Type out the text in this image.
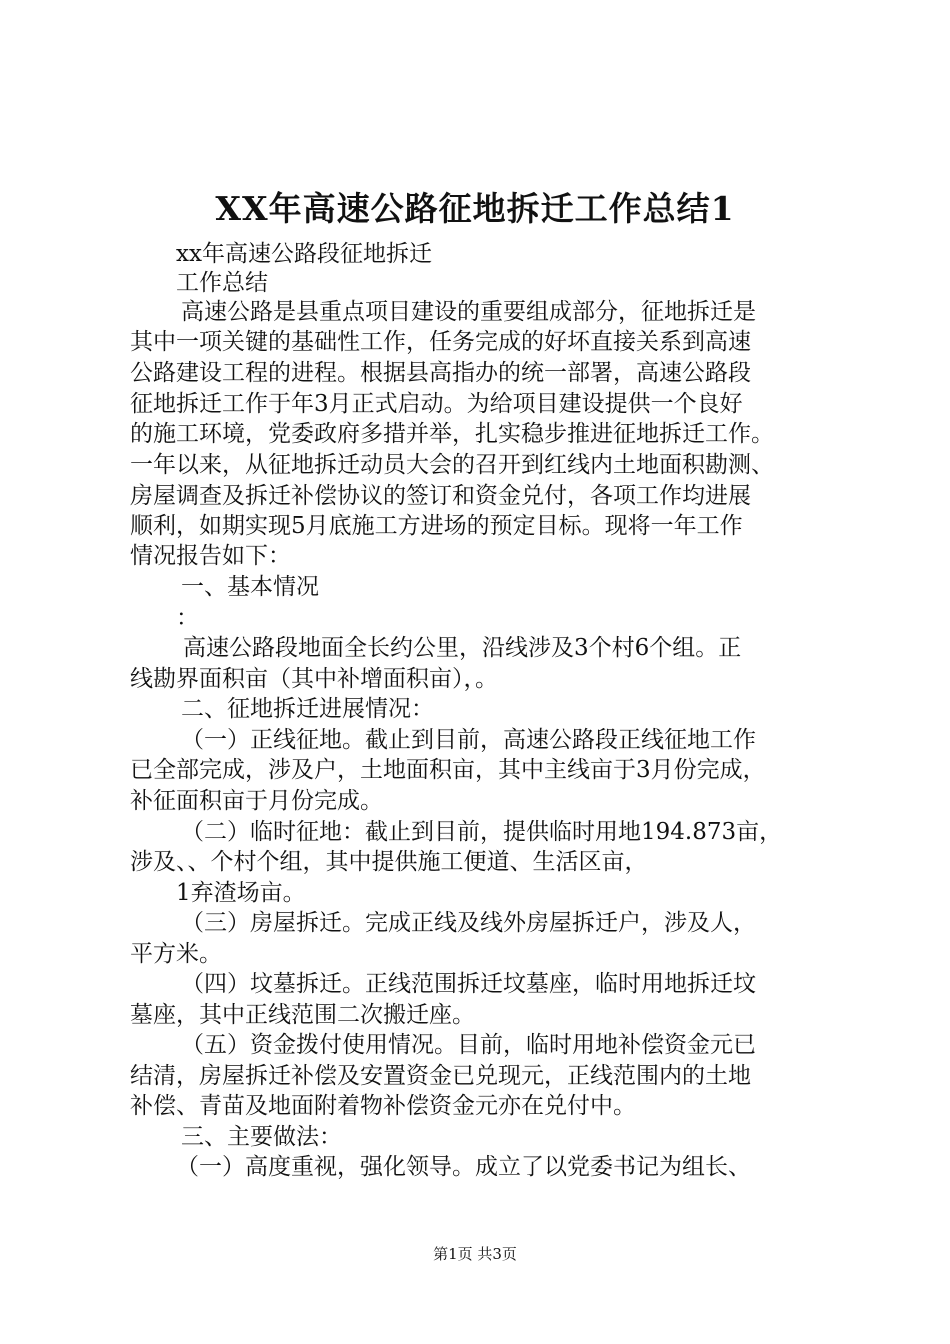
XX年高速公路征地拆迁工作总结1
xx年高速公路段征地拆迁
工作总结
高速公路是县重点项目建设的重要组成部分，征地拆迁是
其中一项关键的基础性工作，任务完成的好坏直接关系到高速
公路建设工程的进程。根据县高指办的统一部署，高速公路段
征地拆迁工作于年3月正式启动。为给项目建设提供一个良好
的施工环境，党委政府多措并举，扎实稳步推进征地拆迁工作。
一年以来，从征地拆迁动员大会的召开到红线内土地面积勘测、
房屋调查及拆迁补偿协议的签订和资金兑付，各项工作均进展
顺利，如期实现5月底施工方进场的预定目标。现将一年工作
情况报告如下：
一、基本情况
：
高速公路段地面全长约公里，沿线涉及3个村6个组。正
线勘界面积亩（其中补增面积亩），。
二、征地拆迁进展情况：
（一）正线征地。截止到目前，高速公路段正线征地工作
已全部完成，涉及户，土地面积亩，其中主线亩于3月份完成，
补征面积亩于月份完成。
（二）临时征地：截止到目前，提供临时用地194.873亩，
涉及、、个村个组，其中提供施工便道、生活区亩，
1弃渣场亩。
（三）房屋拆迁。完成正线及线外房屋拆迁户，涉及人，
平方米。
（四）坟墓拆迁。正线范围拆迁坟墓座，临时用地拆迁坟
墓座，其中正线范围二次搬迁座。
（五）资金拨付使用情况。目前，临时用地补偿资金元已
结清，房屋拆迁补偿及安置资金已兑现元，正线范围内的土地
补偿、青苗及地面附着物补偿资金元亦在兑付中。
三、主要做法：
（一）高度重视，强化领导。成立了以党委书记为组长、
第1页 共3页
